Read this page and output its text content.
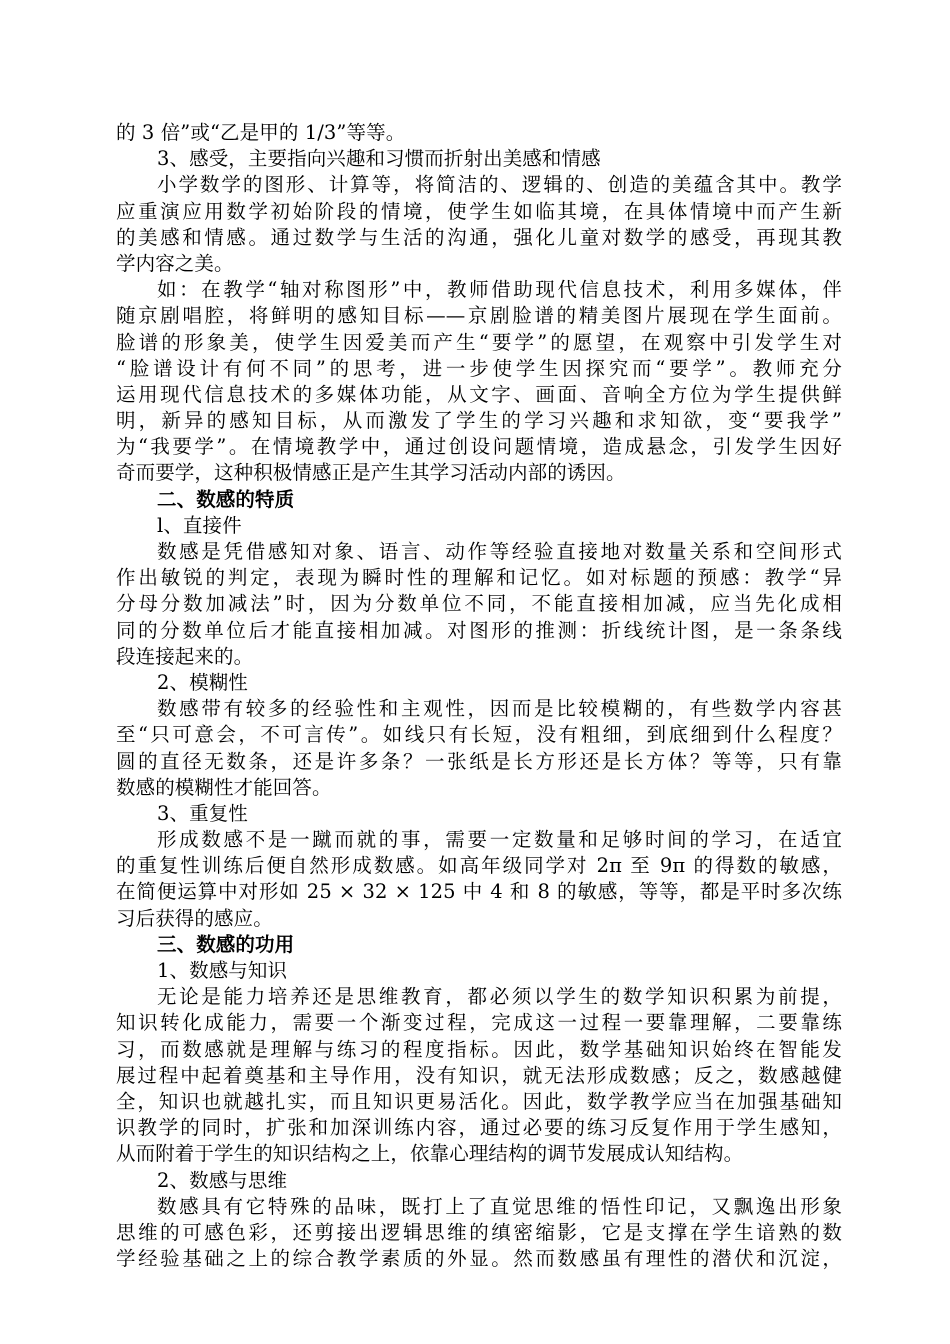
的 3 倍”或“乙是甲的 1/3”等等。
3、感受，主要指向兴趣和习惯而折射出美感和情感
小学数学的图形、计算等，将简洁的、逻辑的、创造的美蕴含其中。教学
应重演应用数学初始阶段的情境，使学生如临其境，在具体情境中而产生新
的美感和情感。通过数学与生活的沟通，强化儿童对数学的感受，再现其教
学内容之美。
如：在教学“轴对称图形”中，教师借助现代信息技术，利用多媒体，伴
随京剧唱腔，将鲜明的感知目标——京剧脸谱的精美图片展现在学生面前。
脸谱的形象美，使学生因爱美而产生“要学”的愿望，在观察中引发学生对
“脸谱设计有何不同”的思考，进一步使学生因探究而“要学”。教师充分
运用现代信息技术的多媒体功能，从文字、画面、音响全方位为学生提供鲜
明，新异的感知目标，从而激发了学生的学习兴趣和求知欲，变“要我学”
为“我要学”。在情境教学中，通过创设问题情境，造成悬念，引发学生因好
奇而要学，这种积极情感正是产生其学习活动内部的诱因。
二、数感的特质
l、直接件
数感是凭借感知对象、语言、动作等经验直接地对数量关系和空间形式
作出敏锐的判定，表现为瞬时性的理解和记忆。如对标题的预感：教学“异
分母分数加减法”时，因为分数单位不同，不能直接相加减，应当先化成相
同的分数单位后才能直接相加减。对图形的推测：折线统计图，是一条条线
段连接起来的。
2、模糊性
数感带有较多的经验性和主观性，因而是比较模糊的，有些数学内容甚
至“只可意会，不可言传”。如线只有长短，没有粗细，到底细到什么程度？
圆的直径无数条，还是许多条？一张纸是长方形还是长方体？等等，只有靠
数感的模糊性才能回答。
3、重复性
形成数感不是一蹴而就的事，需要一定数量和足够时间的学习，在适宜
的重复性训练后便自然形成数感。如高年级同学对 2π 至 9π 的得数的敏感，
在简便运算中对形如 25 × 32 × 125 中 4 和 8 的敏感，等等，都是平时多次练
习后获得的感应。
三、数感的功用
1、数感与知识
无论是能力培养还是思维教育，都必须以学生的数学知识积累为前提，
知识转化成能力，需要一个渐变过程，完成这一过程一要靠理解，二要靠练
习，而数感就是理解与练习的程度指标。因此，数学基础知识始终在智能发
展过程中起着奠基和主导作用，没有知识，就无法形成数感；反之，数感越健
全，知识也就越扎实，而且知识更易活化。因此，数学教学应当在加强基础知
识教学的同时，扩张和加深训练内容，通过必要的练习反复作用于学生感知，
从而附着于学生的知识结构之上，依靠心理结构的调节发展成认知结构。
2、数感与思维
数感具有它特殊的品味，既打上了直觉思维的悟性印记，又飘逸出形象
思维的可感色彩，还剪接出逻辑思维的缜密缩影，它是支撑在学生谙熟的数
学经验基础之上的综合教学素质的外显。然而数感虽有理性的潜伏和沉淀，
